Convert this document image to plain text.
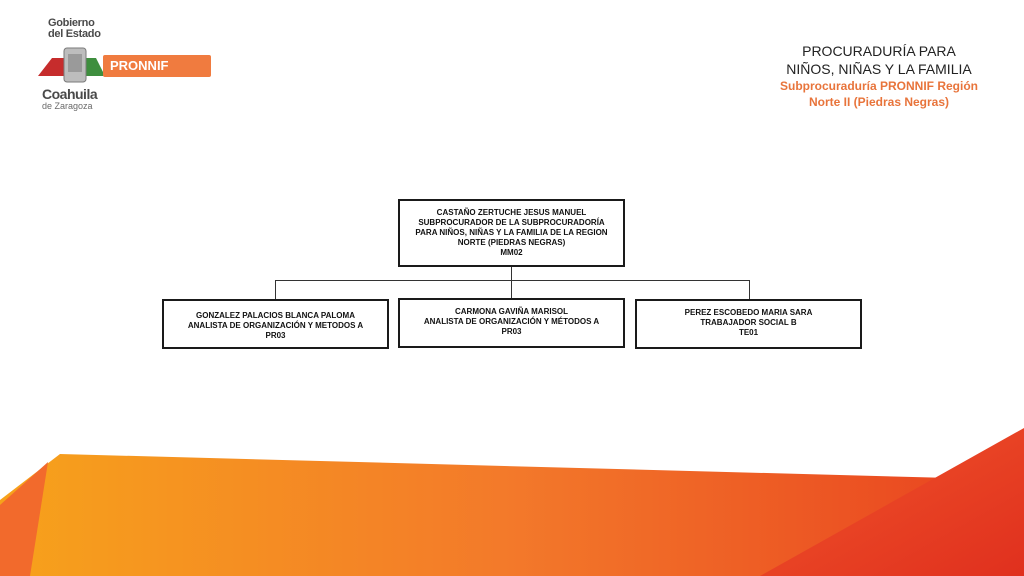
Gobierno
del Estado
Coahuila
de Zaragoza
PRONNIF
PROCURADURÍA PARA
NIÑOS, NIÑAS Y LA FAMILIA
Subprocuraduría PRONNIF Región
Norte II (Piedras Negras)
CASTAÑO ZERTUCHE JESUS MANUEL
SUBPROCURADOR DE LA SUBPROCURADORÍA
PARA NIÑOS, NIÑAS Y LA FAMILIA DE LA REGION
NORTE (PIEDRAS NEGRAS)
MM02
GONZALEZ PALACIOS BLANCA PALOMA
ANALISTA DE ORGANIZACIÓN Y METODOS A
PR03
CARMONA GAVIÑA MARISOL
ANALISTA DE ORGANIZACIÓN Y MÉTODOS A
PR03
PEREZ ESCOBEDO MARIA SARA
TRABAJADOR SOCIAL B
TE01
